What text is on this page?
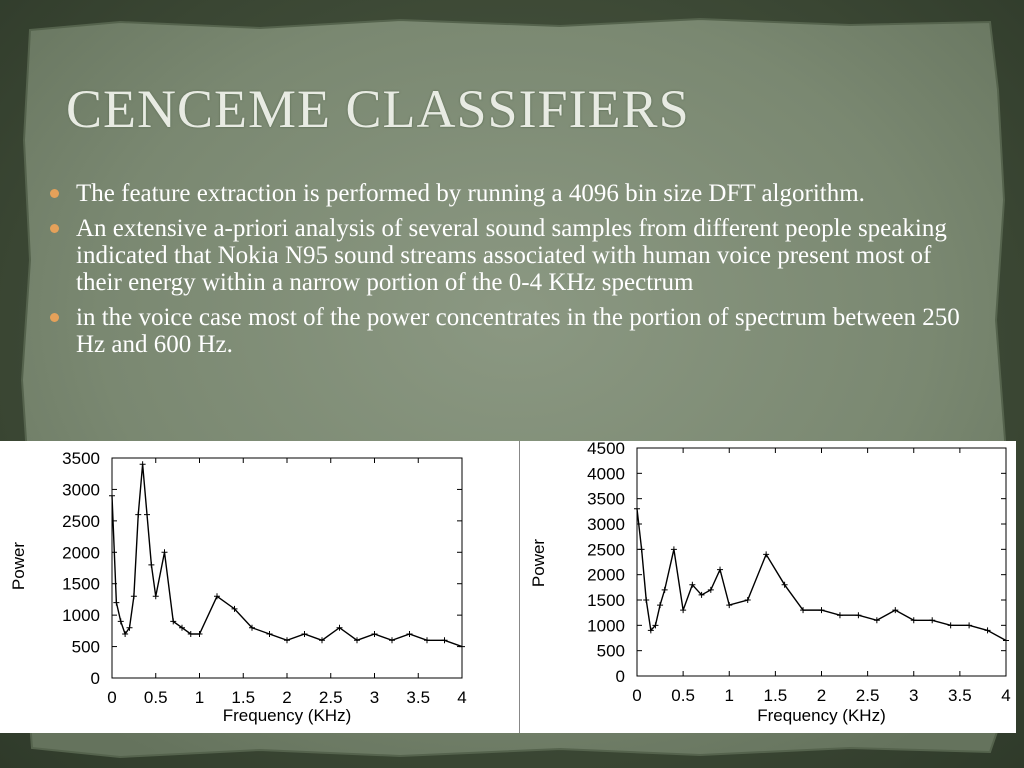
CENCEME CLASSIFIERS
The feature extraction is performed by running a 4096 bin size DFT algorithm.
An extensive a-priori analysis of several sound samples from different people speaking indicated that Nokia N95 sound streams associated with human voice present most of their energy within a narrow portion of the 0-4 KHz spectrum
in the voice case most of the power concentrates in the portion of spectrum between 250 Hz and 600 Hz.
0
500
1000
1500
2000
2500
3000
3500
0 0.5 1 1.5 2 2.5 3 3.5 4
Frequency (KHz)
Power
0
500
1000
1500
2000
2500
3000
3500
4000
4500
0 0.5 1 1.5 2 2.5 3 3.5 4
Frequency (KHz)
Power
